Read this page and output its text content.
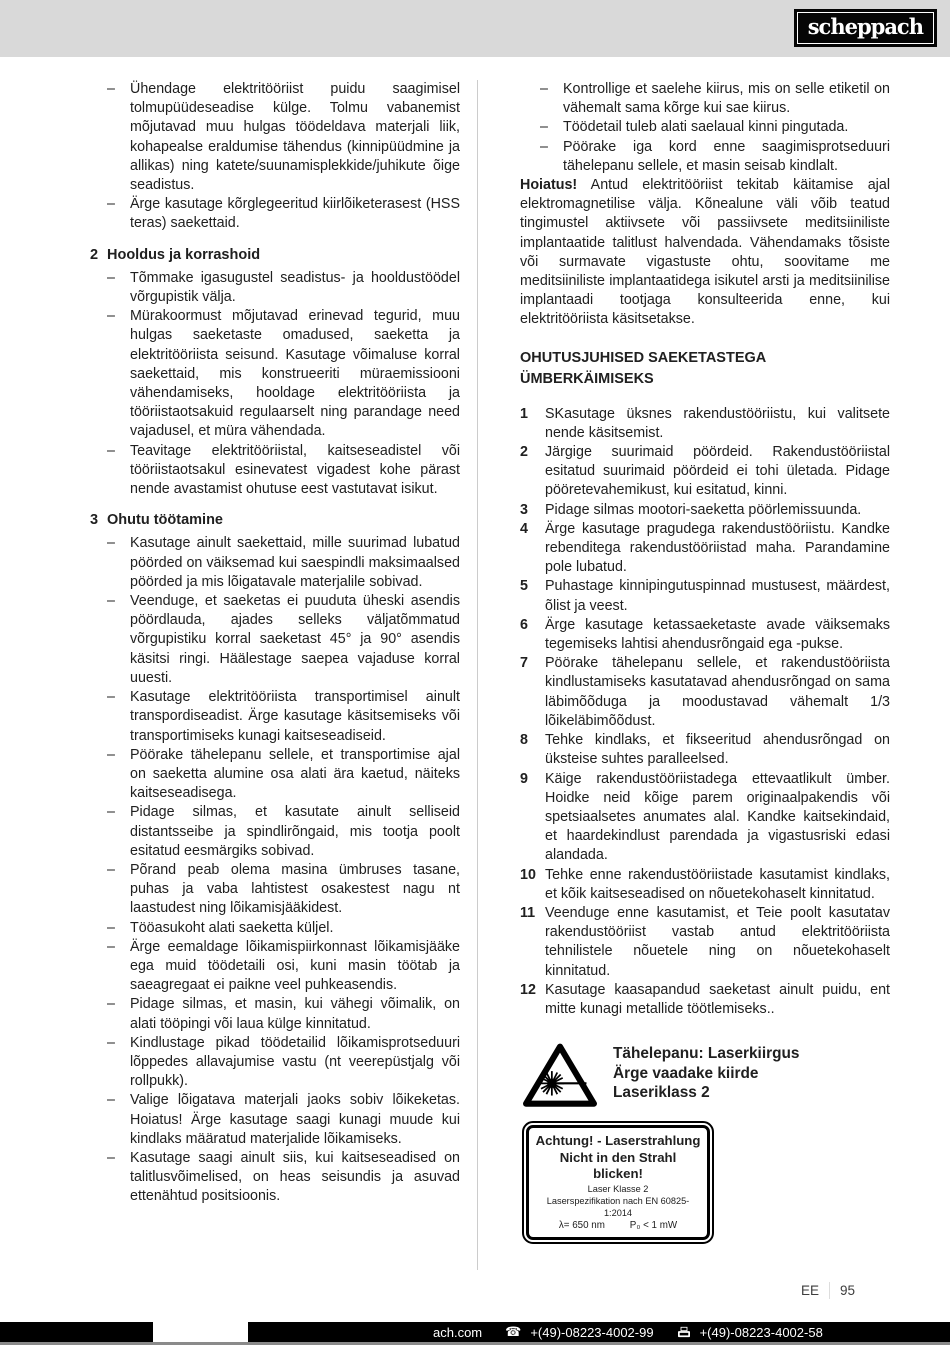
scheppach
–	Ühendage elektritööriist puidu saagimisel tolmupüüdeseadise külge. Tolmu vabanemist mõjutavad muu hulgas töödeldava materjali liik, kohapealse eraldumise tähendus (kinnipüüdmine ja allikas) ning katete/suunamisplekkide/juhikute õige seadistus.
–	Ärge kasutage kõrglegeeritud kiirlõiketerasest (HSS teras) saekettaid.
2 Hooldus ja korrashoid
–	Tõmmake igasugustel seadistus- ja hooldustöödel võrgupistik välja.
–	Mürakoormust mõjutavad erinevad tegurid, muu hulgas saeketaste omadused, saeketta ja elektritööriista seisund. Kasutage võimaluse korral saekettaid, mis konstrueeriti müraemissiooni vähendamiseks, hooldage elektritööriista ja tööriistaotsakuid regulaarselt ning parandage need vajadusel, et müra vähendada.
–	Teavitage elektritööriistal, kaitseseadistel või tööriistaotsakul esinevatest vigadest kohe pärast nende avastamist ohutuse eest vastutavat isikut.
3 Ohutu töötamine
–	Kasutage ainult saekettaid, mille suurimad lubatud pöörded on väiksemad kui saespindli maksimaalsed pöörded ja mis lõigatavale materjalile sobivad.
–	Veenduge, et saeketas ei puuduta üheski asendis pöördlauda, ajades selleks väljatõmmatud võrgupistiku korral saeketast 45° ja 90° asendis käsitsi ringi. Häälestage saepea vajaduse korral uuesti.
–	Kasutage elektritööriista transportimisel ainult transpordiseadist. Ärge kasutage käsitsemiseks või transportimiseks kunagi kaitseseadiseid.
–	Pöörake tähelepanu sellele, et transportimise ajal on saeketta alumine osa alati ära kaetud, näiteks kaitseseadisega.
–	Pidage silmas, et kasutate ainult selliseid distantsseibe ja spindlirõngaid, mis tootja poolt esitatud eesmärgiks sobivad.
–	Põrand peab olema masina ümbruses tasane, puhas ja vaba lahtistest osakestest nagu nt laastudest ning lõikamisjääkidest.
–	Tööasukoht alati saeketta küljel.
–	Ärge eemaldage lõikamispiirkonnast lõikamisjääke ega muid töödetaili osi, kuni masin töötab ja saeagregaat ei paikne veel puhkeasendis.
–	Pidage silmas, et masin, kui vähegi võimalik, on alati tööpingi või laua külge kinnitatud.
–	Kindlustage pikad töödetailid lõikamisprotseduuri lõppedes allavajumise vastu (nt veerepüstjalg või rollpukk).
–	Valige lõigatava materjali jaoks sobiv lõikeketas. Hoiatus! Ärge kasutage saagi kunagi muude kui kindlaks määratud materjalide lõikamiseks.
–	Kasutage saagi ainult siis, kui kaitseseadised on talitlusvõimelised, on heas seisundis ja asuvad ettenähtud positsioonis.
–	Kontrollige et saelehe kiirus, mis on selle etiketil on vähemalt sama kõrge kui sae kiirus.
–	Töödetail tuleb alati saelaual kinni pingutada.
–	Pöörake iga kord enne saagimisprotseduuri tähelepanu sellele, et masin seisab kindlalt.

Hoiatus! Antud elektritööriist tekitab käitamise ajal elektromagnetilise välja. Kõnealune väli võib teatud tingimustel aktiivsete või passiivsete meditsiiniliste implantaatide talitlust halvendada. Vähendamaks tõsiste või surmavate vigastuste ohtu, soovitame me meditsiiniliste implantaatidega isikutel arsti ja meditsiinilise implantaadi tootjaga konsulteerida enne, kui elektritööriista käsitsetakse.

OHUTUSJUHISED SAEKETASTEGA ÜMBERKÄIMISEKS
1	SKasutage üksnes rakendustööriistu, kui valitsete nende käsitsemist.
2	Järgige suurimaid pöördeid. Rakendustööriistal esitatud suurimaid pöördeid ei tohi ületada. Pidage pööretevahemikust, kui esitatud, kinni.
3	Pidage silmas mootori-saeketta pöörlemissuunda.
4	Ärge kasutage pragudega rakendustööriistu. Kandke rebenditega rakendustööriistad maha. Parandamine pole lubatud.
5	Puhastage kinnipingutuspinnad mustusest, määrdest, õlist ja veest.
6	Ärge kasutage ketassaeketaste avade väiksemaks tegemiseks lahtisi ahendusrõngaid ega -pukse.
7	Pöörake tähelepanu sellele, et rakendustööriista kindlustamiseks kasutatavad ahendusrõngad on sama läbimõõduga ja moodustavad vähemalt 1/3 lõikeläbimõõdust.
8	Tehke kindlaks, et fikseeritud ahendusrõngad on üksteise suhtes paralleelsed.
9	Käige rakendustööriistadega ettevaatlikult ümber. Hoidke neid kõige parem originaalpakendis või spetsiaalsetes anumates alal. Kandke kaitsekindaid, et haardekindlust parendada ja vigastusriski edasi alandada.
10 Tehke enne rakendustööriistade kasutamist kindlaks, et kõik kaitseseadised on nõuetekohaselt kinnitatud.
11 Veenduge enne kasutamist, et Teie poolt kasutatav rakendustööriist vastab antud elektritööriista tehnilistele nõuetele ning on nõuetekohaselt kinnitatud.
12 Kasutage kaasapandud saeketast ainult puidu, ent mitte kunagi metallide töötlemiseks..
Tähelepanu: Laserkiirgus
Ärge vaadake kiirde
Laseriklass 2
Achtung! - Laserstrahlung
Nicht in den Strahl blicken!
Laser Klasse 2
Laserspezifikation nach EN 60825-1:2014
λ= 650 nm	P₀ < 1 mW
EE 95
ach.com ☎ +(49)-08223-4002-99	+(49)-08223-4002-58
